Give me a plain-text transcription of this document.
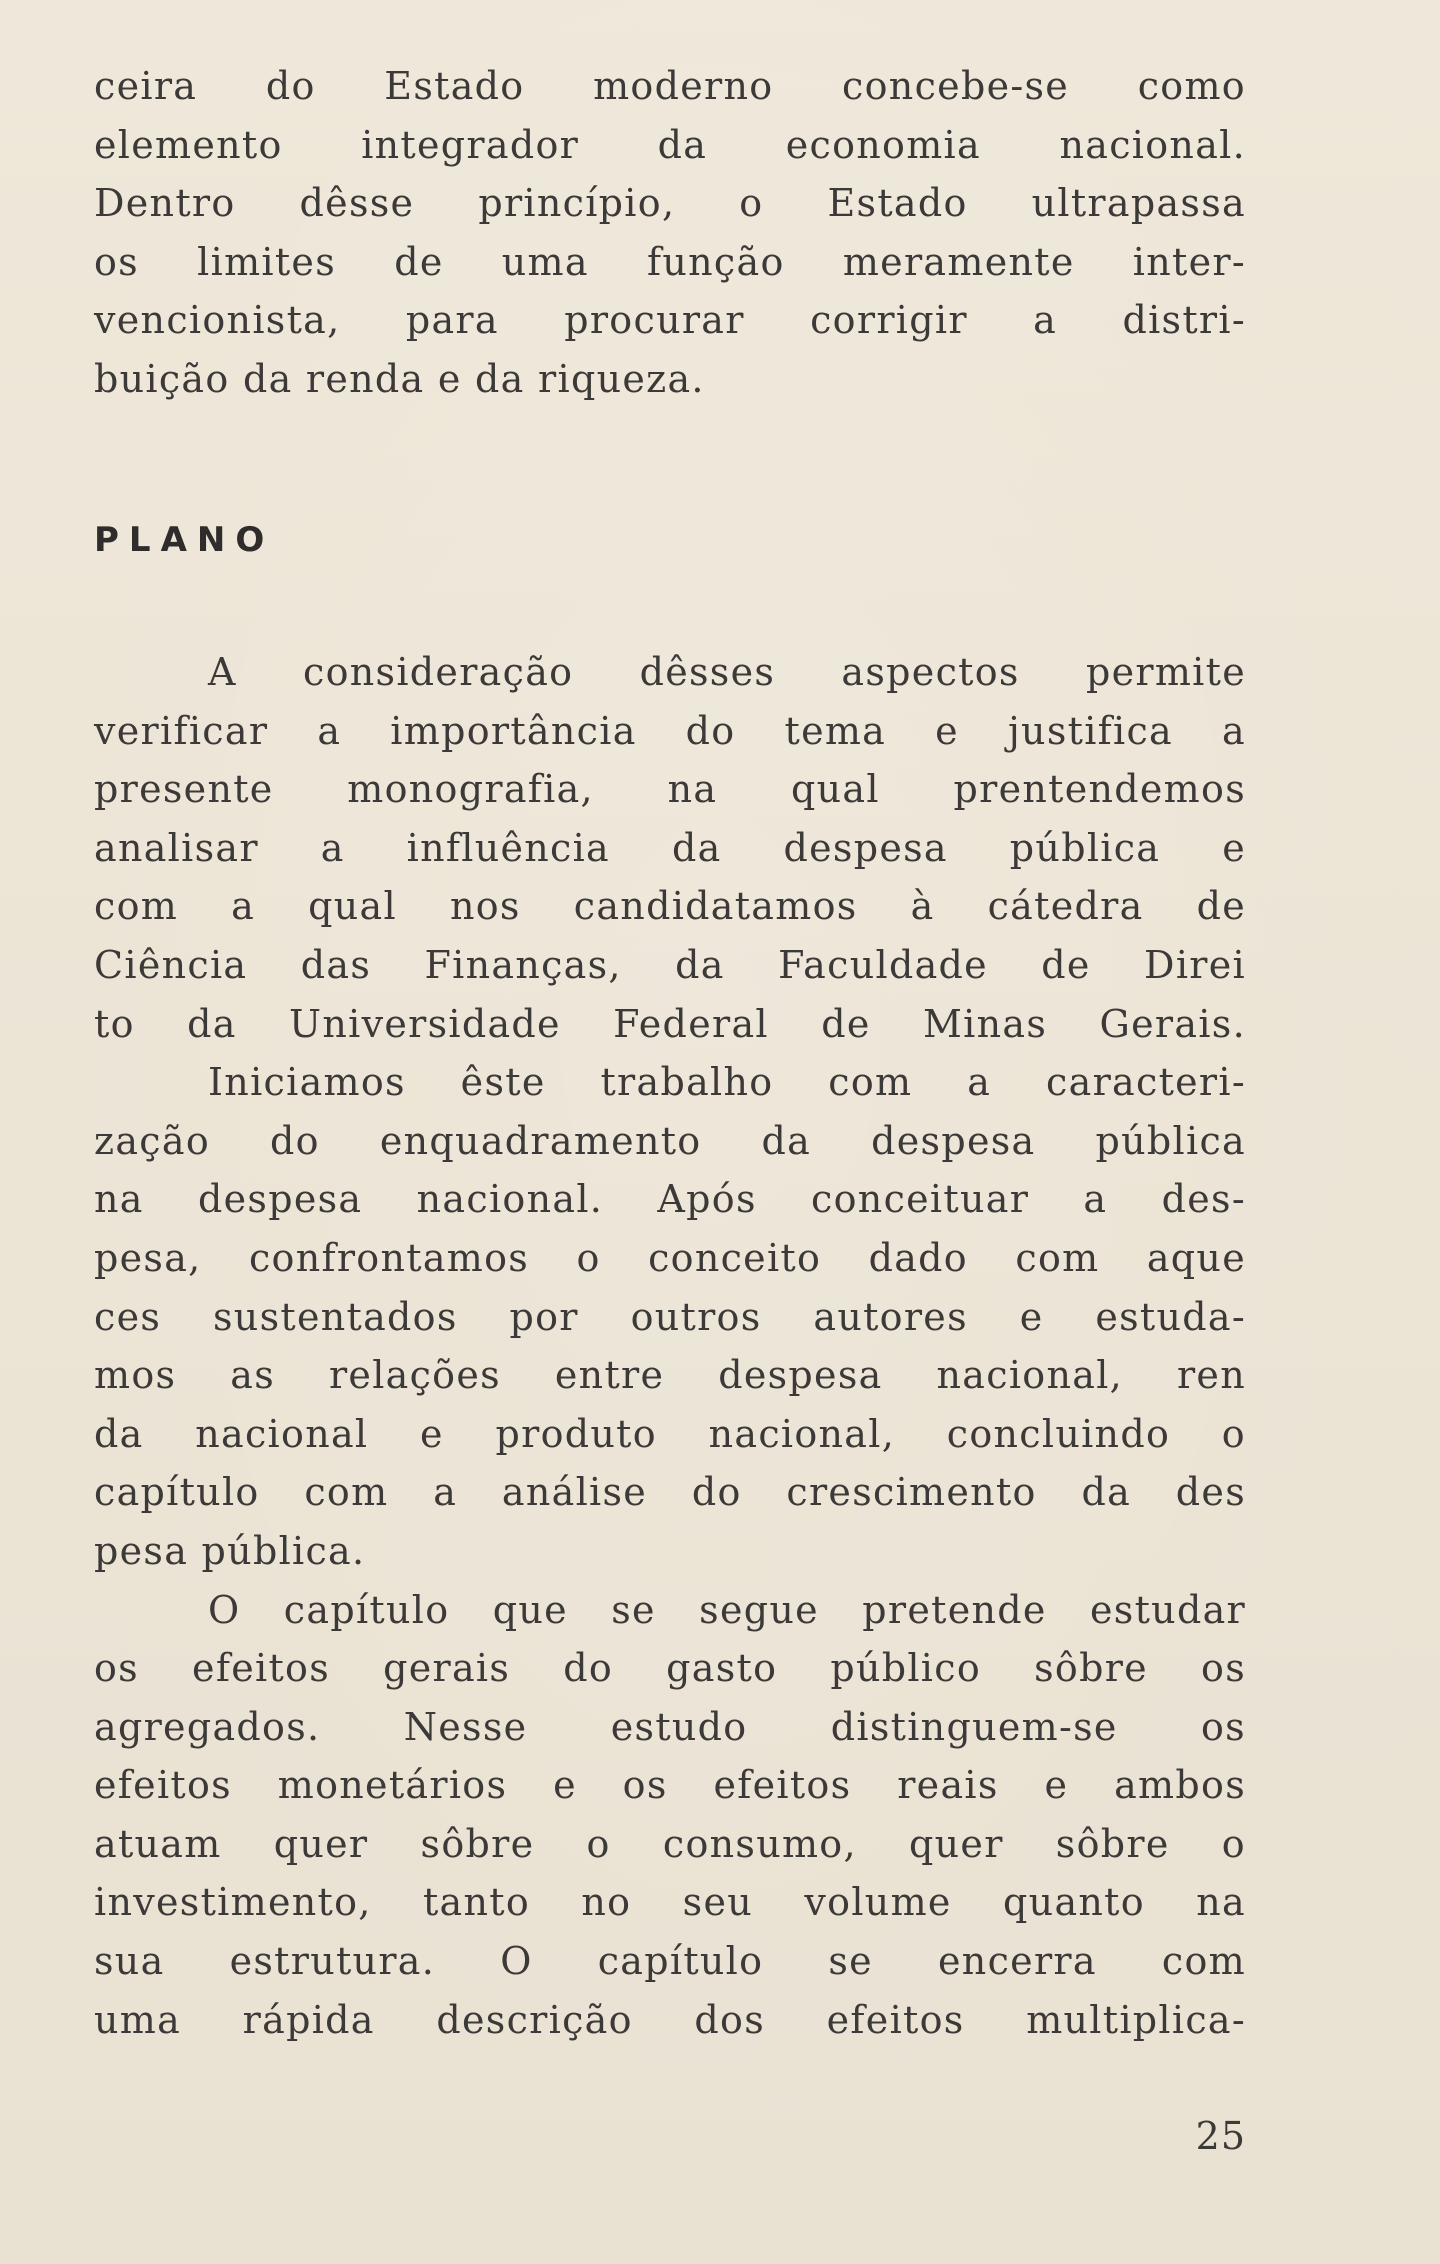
ceira do Estado moderno concebe-se como
elemento integrador da economia nacional.
Dentro dêsse princípio, o Estado ultrapassa
os limites de uma função meramente inter-
vencionista, para procurar corrigir a distri-
buição da renda e da riqueza.
PLANO
A consideração dêsses aspectos permite
verificar a importância do tema e justifica a
presente monografia, na qual prentendemos
analisar a influência da despesa pública e
com a qual nos candidatamos à cátedra de
Ciência das Finanças, da Faculdade de Direi
to da Universidade Federal de Minas Gerais.
Iniciamos êste trabalho com a caracteri-
zação do enquadramento da despesa pública
na despesa nacional. Após conceituar a des-
pesa, confrontamos o conceito dado com aque
ces sustentados por outros autores e estuda-
mos as relações entre despesa nacional, ren
da nacional e produto nacional, concluindo o
capítulo com a análise do crescimento da des
pesa pública.
O capítulo que se segue pretende estudar
os efeitos gerais do gasto público sôbre os
agregados. Nesse estudo distinguem-se os
efeitos monetários e os efeitos reais e ambos
atuam quer sôbre o consumo, quer sôbre o
investimento, tanto no seu volume quanto na
sua estrutura. O capítulo se encerra com
uma rápida descrição dos efeitos multiplica-
25
